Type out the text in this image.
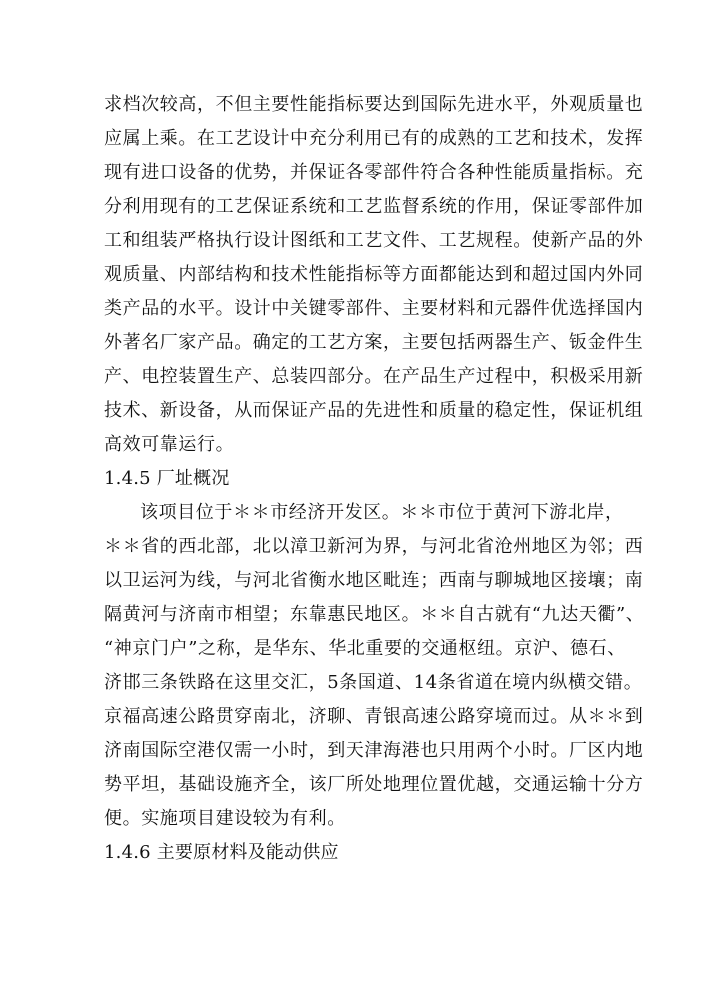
求档次较高，不但主要性能指标要达到国际先进水平，外观质量也
应属上乘。在工艺设计中充分利用已有的成熟的工艺和技术，发挥
现有进口设备的优势，并保证各零部件符合各种性能质量指标。充
分利用现有的工艺保证系统和工艺监督系统的作用，保证零部件加
工和组装严格执行设计图纸和工艺文件、工艺规程。使新产品的外
观质量、内部结构和技术性能指标等方面都能达到和超过国内外同
类产品的水平。设计中关键零部件、主要材料和元器件优选择国内
外著名厂家产品。确定的工艺方案，主要包括两器生产、钣金件生
产、电控装置生产、总装四部分。在产品生产过程中，积极采用新
技术、新设备，从而保证产品的先进性和质量的稳定性，保证机组
高效可靠运行。
1.4.5 厂址概况
该项目位于＊＊市经济开发区。＊＊市位于黄河下游北岸，
＊＊省的西北部，北以漳卫新河为界，与河北省沧州地区为邻；西
以卫运河为线，与河北省衡水地区毗连；西南与聊城地区接壤；南
隔黄河与济南市相望；东靠惠民地区。＊＊自古就有“九达天衢”、
“神京门户”之称，是华东、华北重要的交通枢纽。京沪、德石、
济邯三条铁路在这里交汇，5条国道、14条省道在境内纵横交错。
京福高速公路贯穿南北，济聊、青银高速公路穿境而过。从＊＊到
济南国际空港仅需一小时，到天津海港也只用两个小时。厂区内地
势平坦，基础设施齐全，该厂所处地理位置优越，交通运输十分方
便。实施项目建设较为有利。
1.4.6 主要原材料及能动供应
